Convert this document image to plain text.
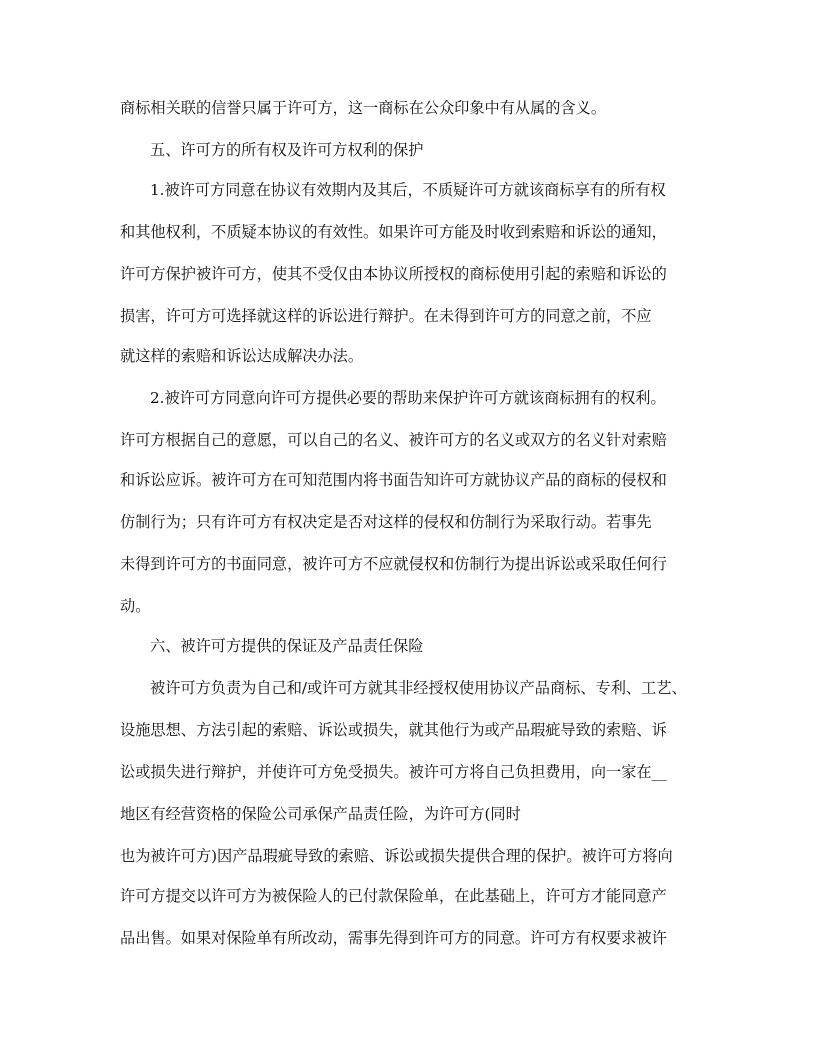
商标相关联的信誉只属于许可方，这一商标在公众印象中有从属的含义。
五、许可方的所有权及许可方权利的保护
1.被许可方同意在协议有效期内及其后，不质疑许可方就该商标享有的所有权
和其他权利，不质疑本协议的有效性。如果许可方能及时收到索赔和诉讼的通知，
许可方保护被许可方，使其不受仅由本协议所授权的商标使用引起的索赔和诉讼的
损害，许可方可选择就这样的诉讼进行辩护。在未得到许可方的同意之前，不应
就这样的索赔和诉讼达成解决办法。
2.被许可方同意向许可方提供必要的帮助来保护许可方就该商标拥有的权利。
许可方根据自己的意愿，可以自己的名义、被许可方的名义或双方的名义针对索赔
和诉讼应诉。被许可方在可知范围内将书面告知许可方就协议产品的商标的侵权和
仿制行为；只有许可方有权决定是否对这样的侵权和仿制行为采取行动。若事先
未得到许可方的书面同意，被许可方不应就侵权和仿制行为提出诉讼或采取任何行
动。
六、被许可方提供的保证及产品责任保险
被许可方负责为自己和/或许可方就其非经授权使用协议产品商标、专利、工艺、
设施思想、方法引起的索赔、诉讼或损失，就其他行为或产品瑕疵导致的索赔、诉
讼或损失进行辩护，并使许可方免受损失。被许可方将自己负担费用，向一家在__
地区有经营资格的保险公司承保产品责任险，为许可方(同时
也为被许可方)因产品瑕疵导致的索赔、诉讼或损失提供合理的保护。被许可方将向
许可方提交以许可方为被保险人的已付款保险单，在此基础上，许可方才能同意产
品出售。如果对保险单有所改动，需事先得到许可方的同意。许可方有权要求被许
